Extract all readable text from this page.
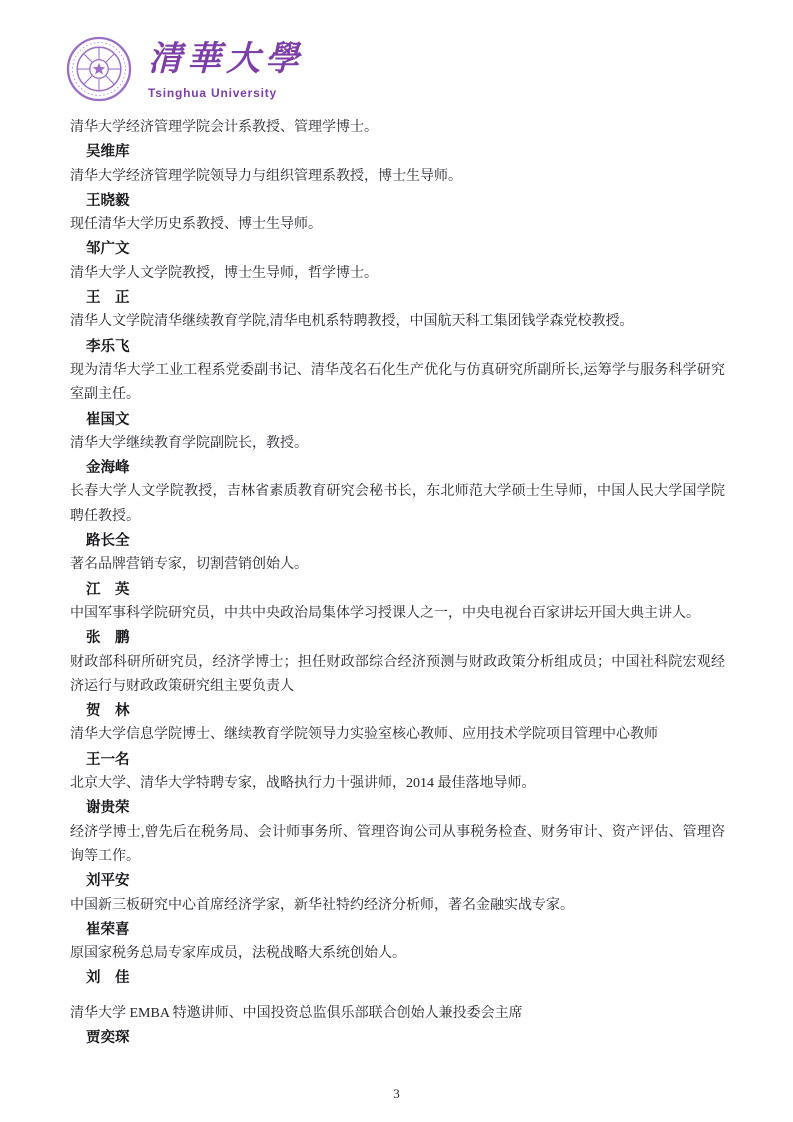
清華大學
Tsinghua University

清华大学经济管理学院会计系教授、管理学博士。

吴维库

清华大学经济管理学院领导力与组织管理系教授，博士生导师。

王晓毅

现任清华大学历史系教授、博士生导师。

邹广文

清华大学人文学院教授，博士生导师，哲学博士。

王　正

清华人文学院清华继续教育学院,清华电机系特聘教授，中国航天科工集团钱学森党校教授。

李乐飞

现为清华大学工业工程系党委副书记、清华茂名石化生产优化与仿真研究所副所长,运筹学与服务科学研究室副主任。

崔国文

清华大学继续教育学院副院长，教授。

金海峰

长春大学人文学院教授，吉林省素质教育研究会秘书长，东北师范大学硕士生导师，中国人民大学国学院聘任教授。

路长全

著名品牌营销专家，切割营销创始人。

江　英

中国军事科学院研究员，中共中央政治局集体学习授课人之一，中央电视台百家讲坛开国大典主讲人。

张　鹏

财政部科研所研究员，经济学博士；担任财政部综合经济预测与财政政策分析组成员；中国社科院宏观经济运行与财政政策研究组主要负责人

贺　林

清华大学信息学院博士、继续教育学院领导力实验室核心教师、应用技术学院项目管理中心教师

王一名

北京大学、清华大学特聘专家，战略执行力十强讲师，2014 最佳落地导师。

谢贵荣

经济学博士,曾先后在税务局、会计师事务所、管理咨询公司从事税务检查、财务审计、资产评估、管理咨询等工作。

刘平安

中国新三板研究中心首席经济学家，新华社特约经济分析师，著名金融实战专家。

崔荣喜

原国家税务总局专家库成员，法税战略大系统创始人。

刘　佳

清华大学 EMBA 特邀讲师、中国投资总监俱乐部联合创始人兼投委会主席

贾奕琛

3
